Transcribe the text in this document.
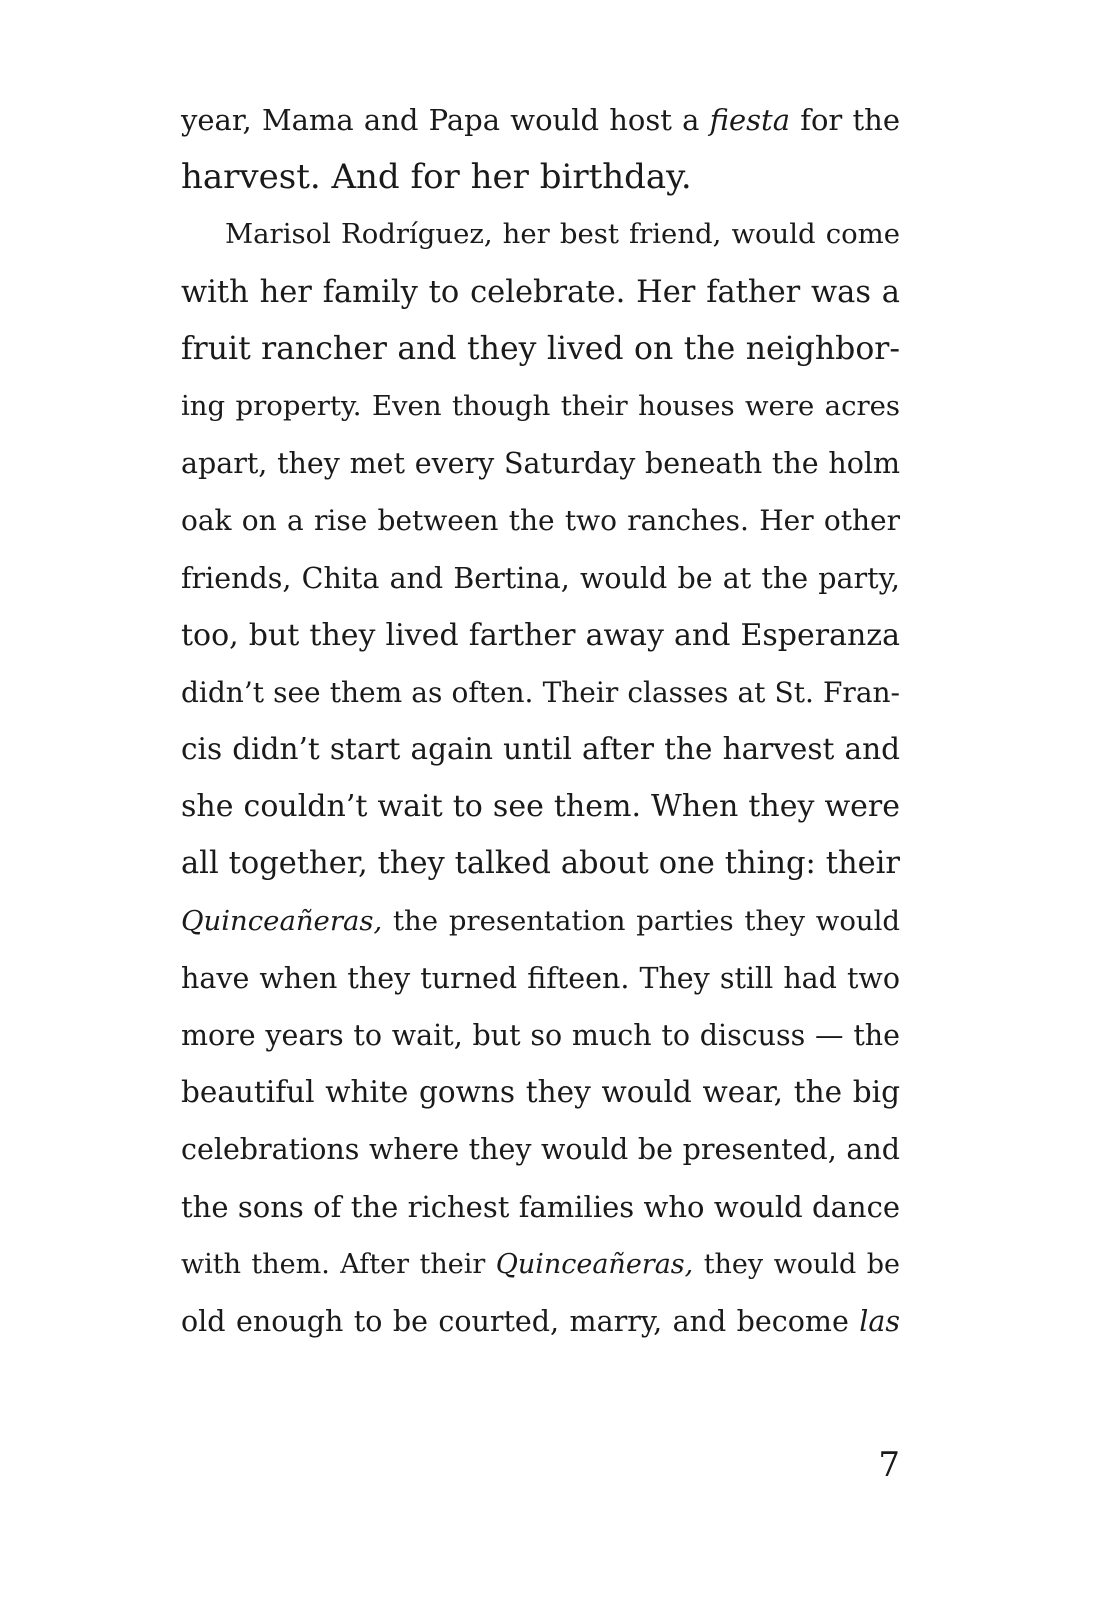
year, Mama and Papa would host a fiesta for the
harvest. And for her birthday.
Marisol Rodríguez, her best friend, would come
with her family to celebrate. Her father was a
fruit rancher and they lived on the neighbor-
ing property. Even though their houses were acres
apart, they met every Saturday beneath the holm
oak on a rise between the two ranches. Her other
friends, Chita and Bertina, would be at the party,
too, but they lived farther away and Esperanza
didn’t see them as often. Their classes at St. Fran-
cis didn’t start again until after the harvest and
she couldn’t wait to see them. When they were
all together, they talked about one thing: their
Quinceañeras, the presentation parties they would
have when they turned fifteen. They still had two
more years to wait, but so much to discuss — the
beautiful white gowns they would wear, the big
celebrations where they would be presented, and
the sons of the richest families who would dance
with them. After their Quinceañeras, they would be
old enough to be courted, marry, and become las
7
